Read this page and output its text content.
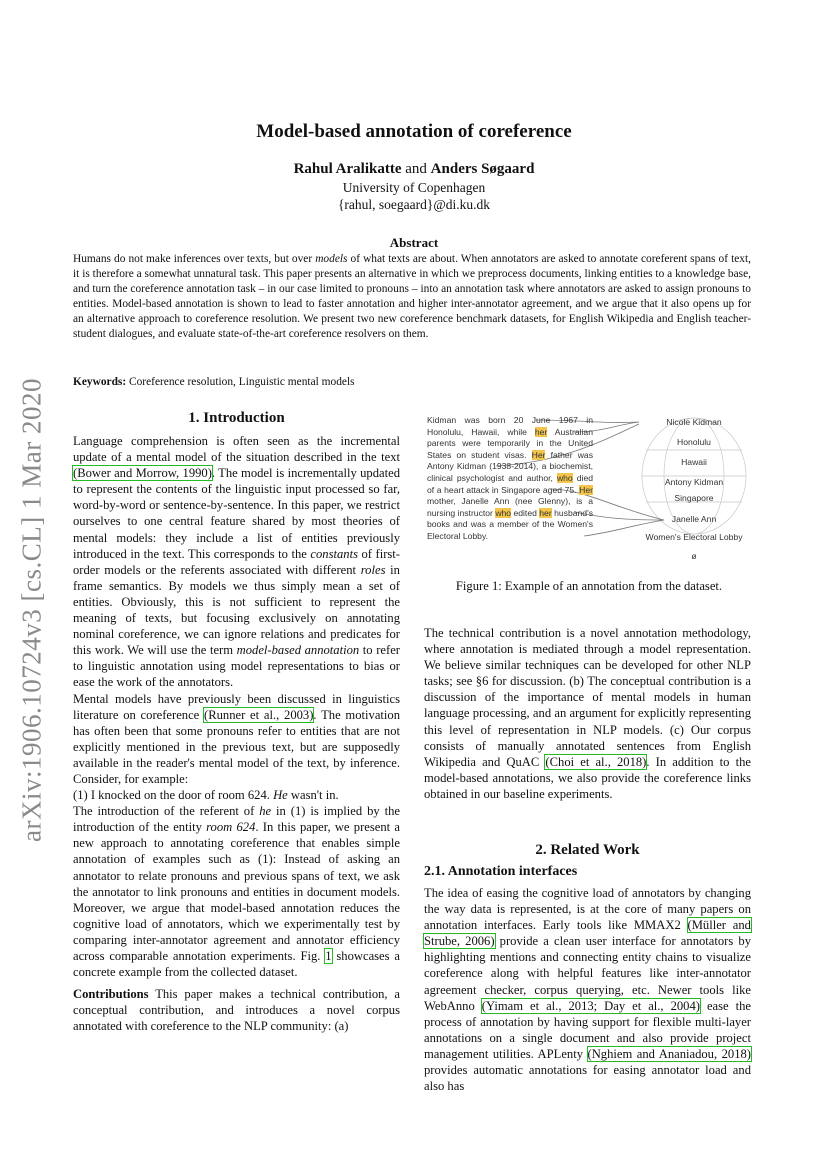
arXiv:1906.10724v3 [cs.CL] 1 Mar 2020
Model-based annotation of coreference
Rahul Aralikatte and Anders Søgaard
University of Copenhagen
{rahul, soegaard}@di.ku.dk
Abstract
Humans do not make inferences over texts, but over models of what texts are about. When annotators are asked to annotate coreferent spans of text, it is therefore a somewhat unnatural task. This paper presents an alternative in which we preprocess documents, linking entities to a knowledge base, and turn the coreference annotation task – in our case limited to pronouns – into an annotation task where annotators are asked to assign pronouns to entities. Model-based annotation is shown to lead to faster annotation and higher inter-annotator agreement, and we argue that it also opens up for an alternative approach to coreference resolution. We present two new coreference benchmark datasets, for English Wikipedia and English teacher-student dialogues, and evaluate state-of-the-art coreference resolvers on them.
Keywords: Coreference resolution, Linguistic mental models
1. Introduction

Language comprehension is often seen as the incremental update of a mental model of the situation described in the text (Bower and Morrow, 1990). The model is incrementally updated to represent the contents of the linguistic input processed so far, word-by-word or sentence-by-sentence. In this paper, we restrict ourselves to one central feature shared by most theories of mental models: they include a list of entities previously introduced in the text. This corresponds to the constants of first-order models or the referents associated with different roles in frame semantics. By models we thus simply mean a set of entities. Obviously, this is not sufficient to represent the meaning of texts, but focusing exclusively on annotating nominal coreference, we can ignore relations and predicates for this work. We will use the term model-based annotation to refer to linguistic annotation using model representations to bias or ease the work of the annotators.

Mental models have previously been discussed in linguistics literature on coreference (Runner et al., 2003). The motivation has often been that some pronouns refer to entities that are not explicitly mentioned in the previous text, but are supposedly available in the reader's mental model of the text, by inference. Consider, for example:

(1) I knocked on the door of room 624. He wasn't in.

The introduction of the referent of he in (1) is implied by the introduction of the entity room 624. In this paper, we present a new approach to annotating coreference that enables simple annotation of examples such as (1): Instead of asking an annotator to relate pronouns and previous spans of text, we ask the annotator to link pronouns and entities in document models. Moreover, we argue that model-based annotation reduces the cognitive load of annotators, which we experimentally test by comparing inter-annotator agreement and annotator efficiency across comparable annotation experiments. Fig. 1 showcases a concrete example from the collected dataset.

Contributions This paper makes a technical contribution, a conceptual contribution, and introduces a novel corpus annotated with coreference to the NLP community: (a)

Kidman was born 20 June 1967 in Honolulu, Hawaii, while her Australian parents were temporarily in the United States on student visas. Her father was Antony Kidman (1938-2014), a biochemist, clinical psychologist and author, who died of a heart attack in Singapore aged 75. Her mother, Janelle Ann (nee Glenny), is a nursing instructor who edited her husband's books and was a member of the Women's Electoral Lobby.
Nicole Kidman
Honolulu
Hawaii
Antony Kidman
Singapore
Janelle Ann
Women's Electoral Lobby
ø
Figure 1: Example of an annotation from the dataset.

The technical contribution is a novel annotation methodology, where annotation is mediated through a model representation. We believe similar techniques can be developed for other NLP tasks; see §6 for discussion. (b) The conceptual contribution is a discussion of the importance of mental models in human language processing, and an argument for explicitly representing this level of representation in NLP models. (c) Our corpus consists of manually annotated sentences from English Wikipedia and QuAC (Choi et al., 2018). In addition to the model-based annotations, we also provide the coreference links obtained in our baseline experiments.

2. Related Work
2.1. Annotation interfaces

The idea of easing the cognitive load of annotators by changing the way data is represented, is at the core of many papers on annotation interfaces. Early tools like MMAX2 (Müller and Strube, 2006) provide a clean user interface for annotators by highlighting mentions and connecting entity chains to visualize coreference along with helpful features like inter-annotator agreement checker, corpus querying, etc. Newer tools like WebAnno (Yimam et al., 2013; Day et al., 2004) ease the process of annotation by having support for flexible multi-layer annotations on a single document and also provide project management utilities. APLenty (Nghiem and Ananiadou, 2018) provides automatic annotations for easing annotator load and also has
